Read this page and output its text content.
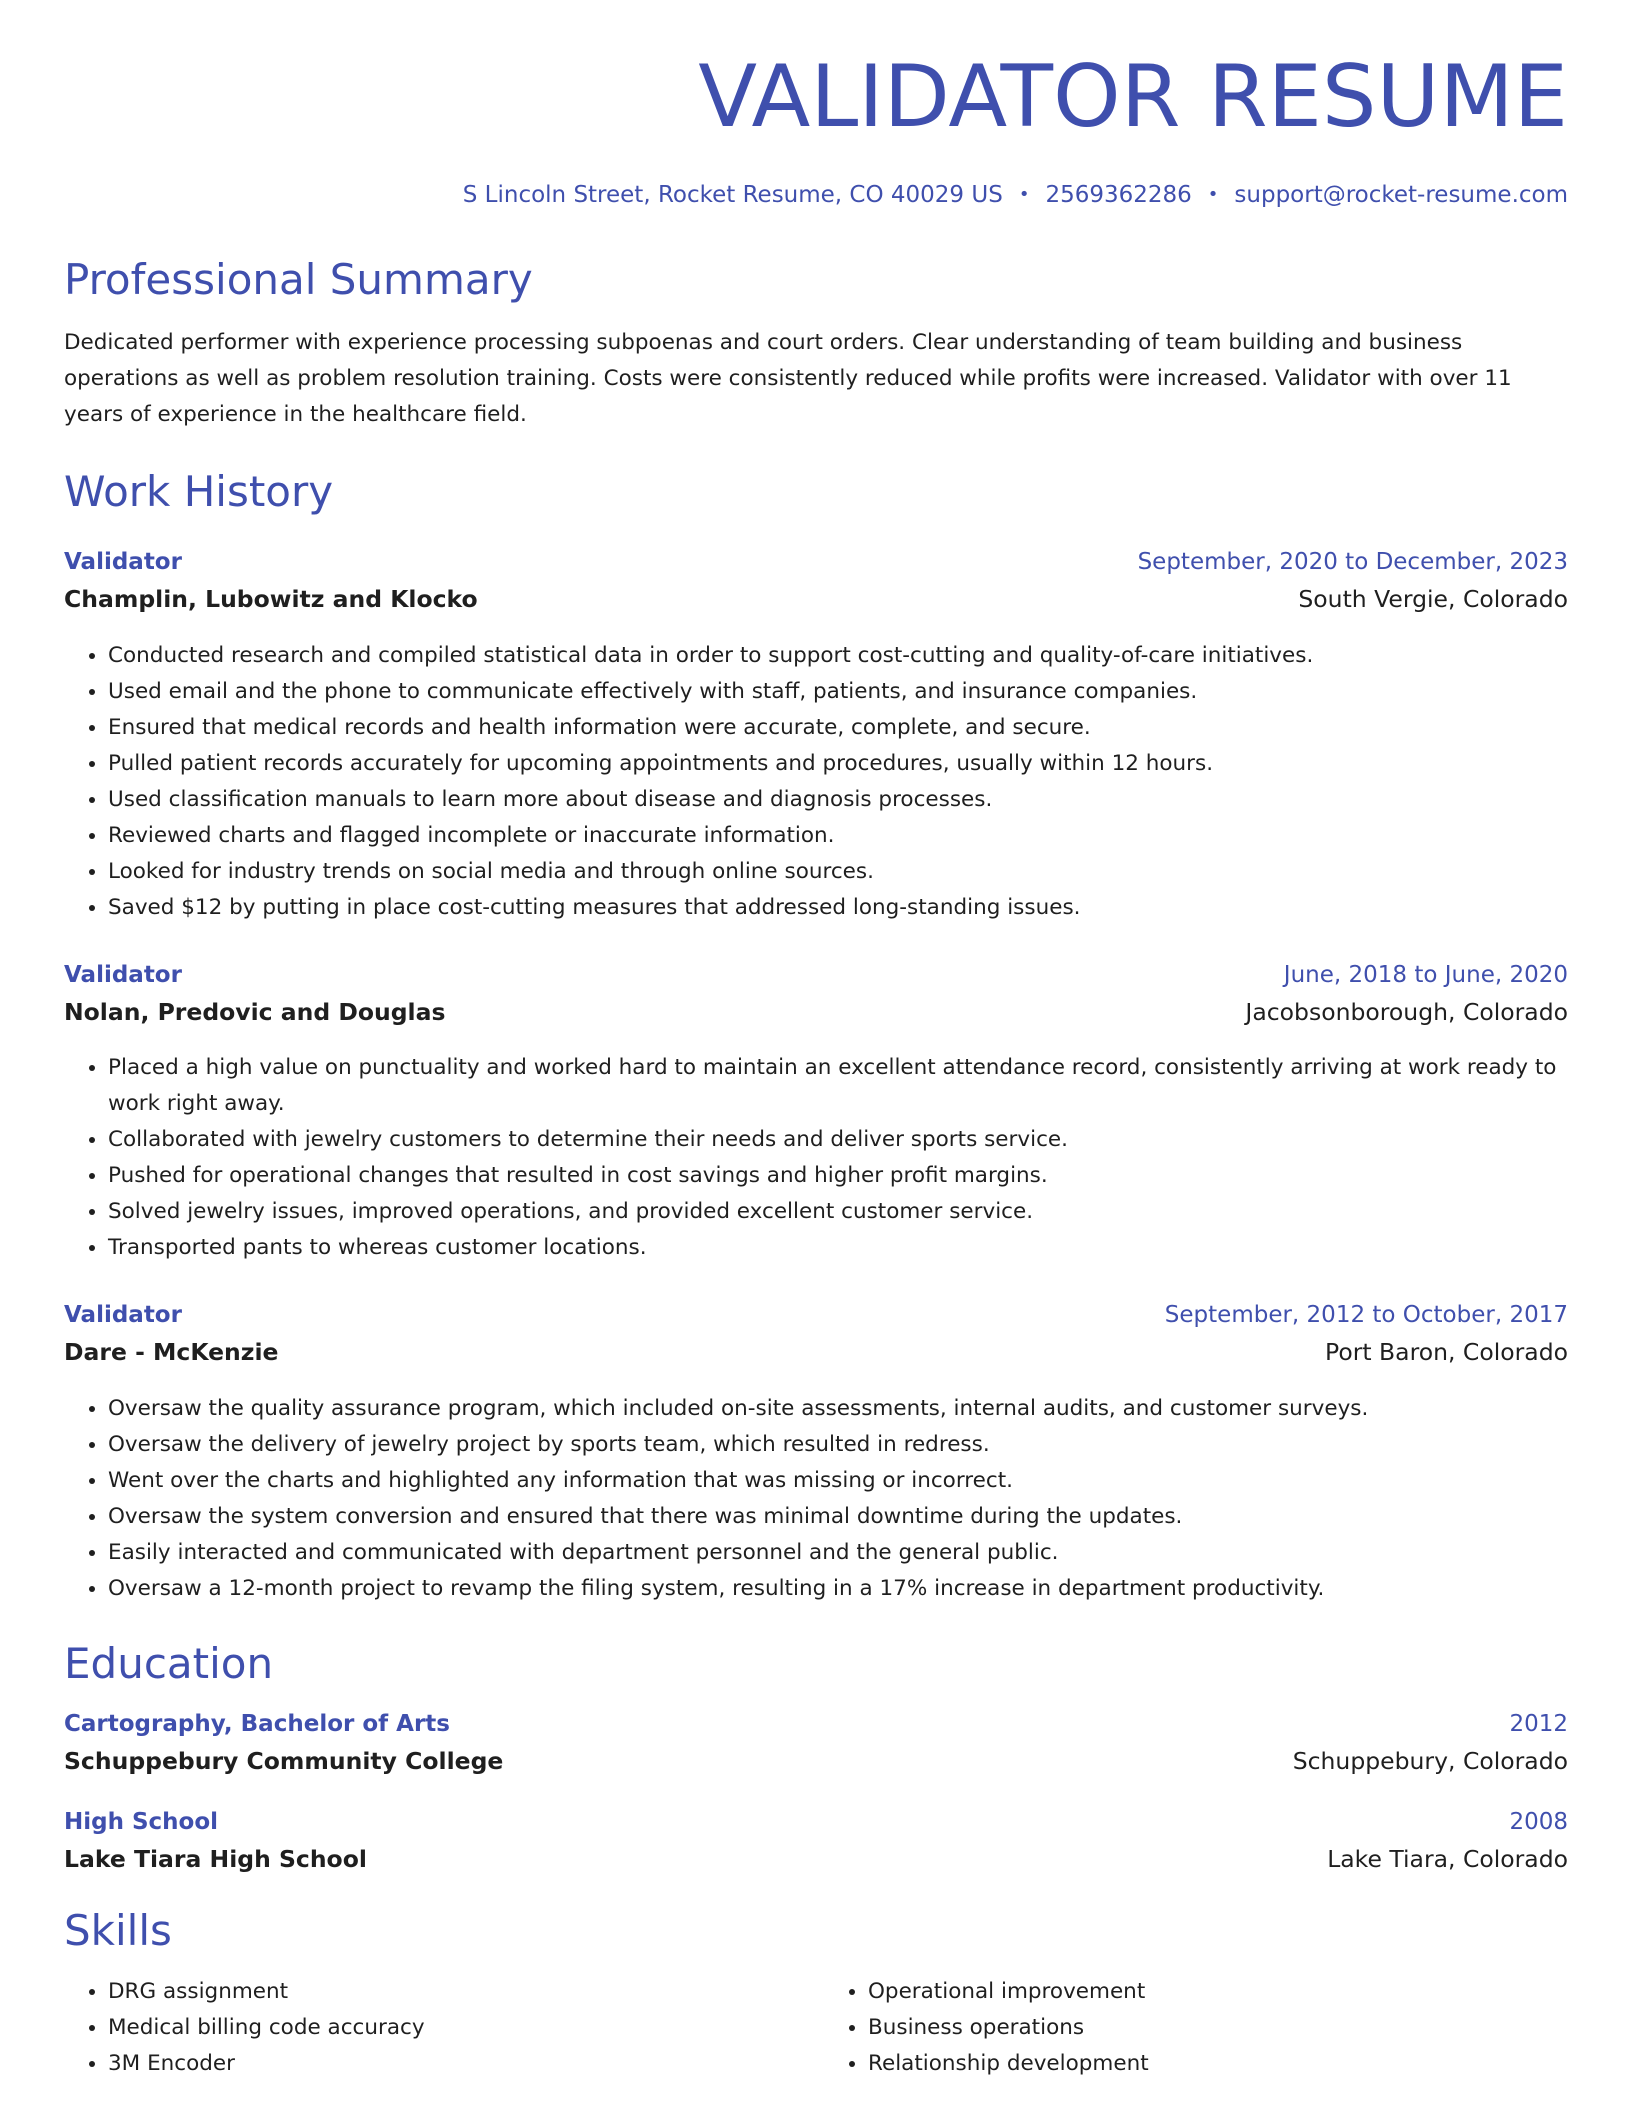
VALIDATOR RESUME
S Lincoln Street, Rocket Resume, CO 40029 US • 2569362286 • support@rocket-resume.com
Professional Summary
Dedicated performer with experience processing subpoenas and court orders. Clear understanding of team building and business operations as well as problem resolution training. Costs were consistently reduced while profits were increased. Validator with over 11 years of experience in the healthcare field.
Work History
Validator	September, 2020 to December, 2023
Champlin, Lubowitz and Klocko	South Vergie, Colorado
• Conducted research and compiled statistical data in order to support cost-cutting and quality-of-care initiatives.
• Used email and the phone to communicate effectively with staff, patients, and insurance companies.
• Ensured that medical records and health information were accurate, complete, and secure.
• Pulled patient records accurately for upcoming appointments and procedures, usually within 12 hours.
• Used classification manuals to learn more about disease and diagnosis processes.
• Reviewed charts and flagged incomplete or inaccurate information.
• Looked for industry trends on social media and through online sources.
• Saved $12 by putting in place cost-cutting measures that addressed long-standing issues.
Validator	June, 2018 to June, 2020
Nolan, Predovic and Douglas	Jacobsonborough, Colorado
• Placed a high value on punctuality and worked hard to maintain an excellent attendance record, consistently arriving at work ready to work right away.
• Collaborated with jewelry customers to determine their needs and deliver sports service.
• Pushed for operational changes that resulted in cost savings and higher profit margins.
• Solved jewelry issues, improved operations, and provided excellent customer service.
• Transported pants to whereas customer locations.
Validator	September, 2012 to October, 2017
Dare - McKenzie	Port Baron, Colorado
• Oversaw the quality assurance program, which included on-site assessments, internal audits, and customer surveys.
• Oversaw the delivery of jewelry project by sports team, which resulted in redress.
• Went over the charts and highlighted any information that was missing or incorrect.
• Oversaw the system conversion and ensured that there was minimal downtime during the updates.
• Easily interacted and communicated with department personnel and the general public.
• Oversaw a 12-month project to revamp the filing system, resulting in a 17% increase in department productivity.
Education
Cartography, Bachelor of Arts	2012
Schuppebury Community College	Schuppebury, Colorado
High School	2008
Lake Tiara High School	Lake Tiara, Colorado
Skills
• DRG assignment
• Medical billing code accuracy
• 3M Encoder
• Operational improvement
• Business operations
• Relationship development
